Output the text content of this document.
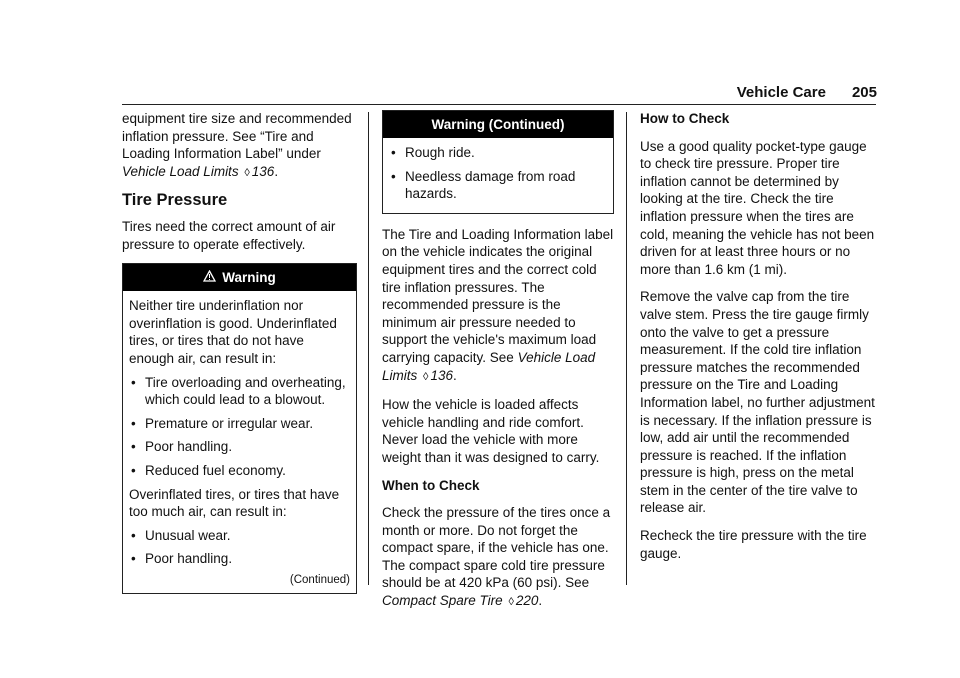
Vehicle Care 205

equipment tire size and recommended inflation pressure. See “Tire and Loading Information Label” under Vehicle Load Limits ◊ 136.

Tire Pressure

Tires need the correct amount of air pressure to operate effectively.

Warning

Neither tire underinflation nor overinflation is good. Underinflated tires, or tires that do not have enough air, can result in:

• Tire overloading and overheating, which could lead to a blowout.
• Premature or irregular wear.
• Poor handling.
• Reduced fuel economy.

Overinflated tires, or tires that have too much air, can result in:

• Unusual wear.
• Poor handling.
(Continued)
Warning (Continued)
• Rough ride.
• Needless damage from road hazards.

The Tire and Loading Information label on the vehicle indicates the original equipment tires and the correct cold tire inflation pressures. The recommended pressure is the minimum air pressure needed to support the vehicle's maximum load carrying capacity. See Vehicle Load Limits ◊ 136.

How the vehicle is loaded affects vehicle handling and ride comfort. Never load the vehicle with more weight than it was designed to carry.

When to Check

Check the pressure of the tires once a month or more. Do not forget the compact spare, if the vehicle has one. The compact spare cold tire pressure should be at 420 kPa (60 psi). See Compact Spare Tire ◊ 220.

How to Check

Use a good quality pocket-type gauge to check tire pressure. Proper tire inflation cannot be determined by looking at the tire. Check the tire inflation pressure when the tires are cold, meaning the vehicle has not been driven for at least three hours or no more than 1.6 km (1 mi).

Remove the valve cap from the tire valve stem. Press the tire gauge firmly onto the valve to get a pressure measurement. If the cold tire inflation pressure matches the recommended pressure on the Tire and Loading Information label, no further adjustment is necessary. If the inflation pressure is low, add air until the recommended pressure is reached. If the inflation pressure is high, press on the metal stem in the center of the tire valve to release air.

Recheck the tire pressure with the tire gauge.
